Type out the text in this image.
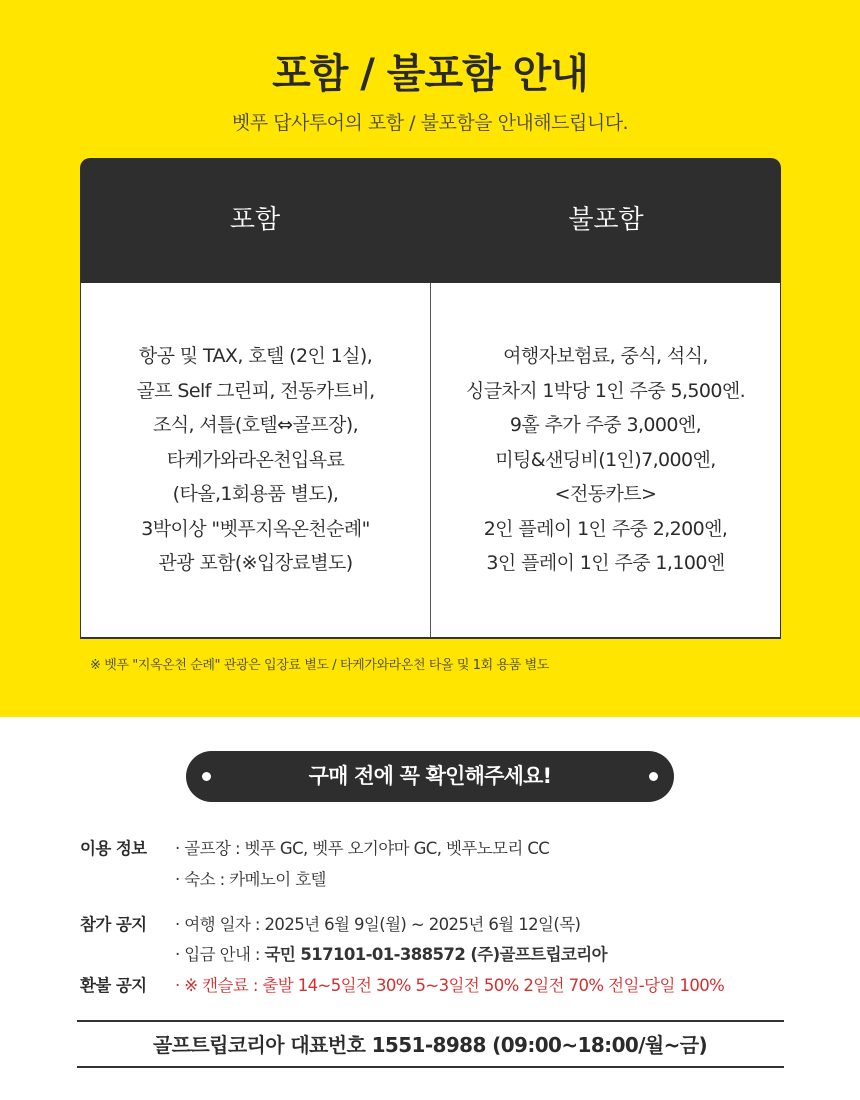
포함 / 불포함 안내

벳푸 답사투어의 포함 / 불포함을 안내해드립니다.

포함	불포함
항공 및 TAX, 호텔 (2인 1실),
골프 Self 그린피, 전동카트비,
조식, 셔틀(호텔⇔골프장),
타케가와라온천입욕료
(타올,1회용품 별도),
3박이상 "벳푸지옥온천순례"
관광 포함(※입장료별도)
여행자보험료, 중식, 석식,
싱글차지 1박당 1인 주중 5,500엔.
9홀 추가 주중 3,000엔,
미팅&샌딩비(1인)7,000엔,
<전동카트>
2인 플레이 1인 주중 2,200엔,
3인 플레이 1인 주중 1,100엔

※ 벳푸 "지옥온천 순례" 관광은 입장료 별도 / 타케가와라온천 타올 및 1회 용품 별도

구매 전에 꼭 확인해주세요!
이용 정보 · 골프장 : 벳푸 GC, 벳푸 오기야마 GC, 벳푸노모리 CC
· 숙소 : 카메노이 호텔
참가 공지 · 여행 일자 : 2025년 6월 9일(월) ~ 2025년 6월 12일(목)
· 입금 안내 : 국민 517101-01-388572 (주)골프트립코리아
환불 공지 · ※ 캔슬료 : 출발 14~5일전 30% 5~3일전 50% 2일전 70% 전일-당일 100%

골프트립코리아 대표번호 1551-8988 (09:00~18:00/월~금)
